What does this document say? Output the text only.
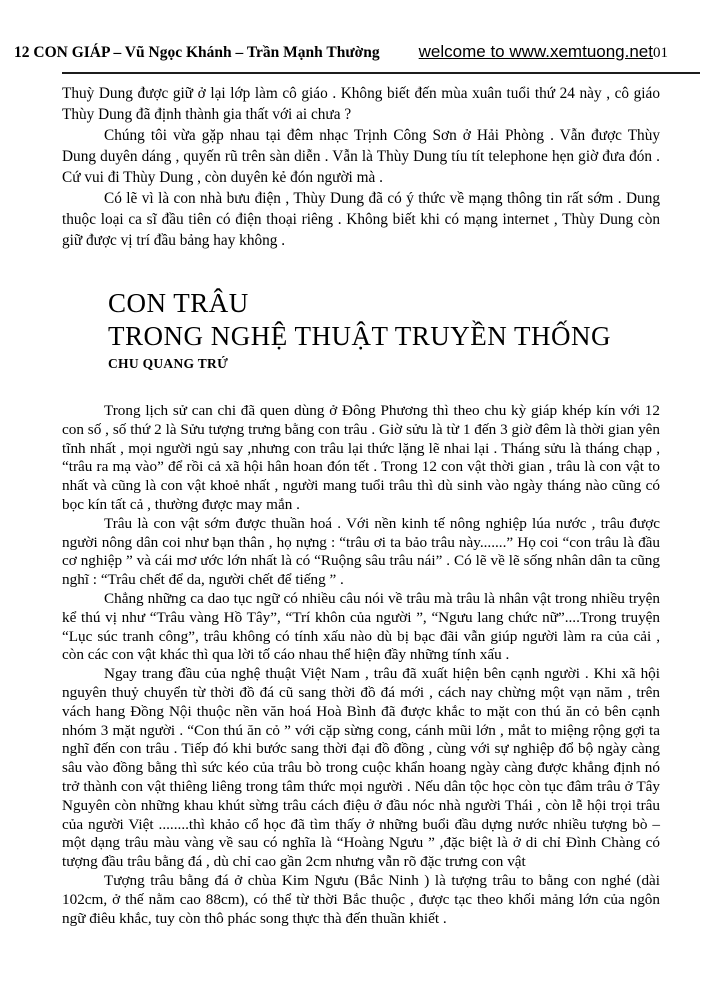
12 CON GIÁP – Vũ Ngọc Khánh – Trần Mạnh Thường welcome to www.xemtuong.net01

Thuỳ Dung được giữ ở lại lớp làm cô giáo . Không biết đến mùa xuân tuổi thứ 24 này , cô giáo Thùy Dung đã định thành gia thất với ai chưa ?

Chúng tôi vừa gặp nhau tại đêm nhạc Trịnh Công Sơn ở Hải Phòng . Vẫn được Thùy Dung duyên dáng , quyến rũ trên sàn diễn . Vẫn là Thùy Dung tíu tít telephone hẹn giờ đưa đón . Cứ vui đi Thùy Dung , còn duyên kẻ đón người mà .

Có lẽ vì là con nhà bưu điện , Thùy Dung đã có ý thức về mạng thông tin rất sớm . Dung thuộc loại ca sĩ đầu tiên có điện thoại riêng . Không biết khi có mạng internet , Thùy Dung còn giữ được vị trí đầu bảng hay không .

CON TRÂU
TRONG NGHỆ THUẬT TRUYỀN THỐNG
CHU QUANG TRỨ

Trong lịch sử can chi đã quen dùng ở Đông Phương thì theo chu kỳ giáp khép kín với 12 con số , số thứ 2 là Sửu tượng trưng bằng con trâu . Giờ sửu là từ 1 đến 3 giờ đêm là thời gian yên tĩnh nhất , mọi người ngủ say ,nhưng con trâu lại thức lặng lẽ nhai lại . Tháng sửu là tháng chạp , “trâu ra mạ vào” để rồi cả xã hội hân hoan đón tết . Trong 12 con vật thời gian , trâu là con vật to nhất và cũng là con vật khoẻ nhất , người mang tuổi trâu thì dù sinh vào ngày tháng nào cũng có bọc kín tất cả , thường được may mắn .

Trâu là con vật sớm được thuần hoá . Với nền kinh tế nông nghiệp lúa nước , trâu được người nông dân coi như bạn thân , họ nựng : “trâu ơi ta bảo trâu này.......” Họ coi “con trâu là đầu cơ nghiệp ” và cái mơ ước lớn nhất là có “Ruộng sâu trâu nái” . Có lẽ về lẽ sống nhân dân ta cũng nghĩ : “Trâu chết để da, người chết để tiếng ” .

Chẳng những ca dao tục ngữ có nhiều câu nói về trâu mà trâu là nhân vật trong nhiều tryện kể thú vị như “Trâu vàng Hồ Tây”, “Trí khôn của người ”, “Ngưu lang chức nữ”....Trong truyện “Lục súc tranh công”, trâu không có tính xấu nào dù bị bạc đãi vẫn giúp người làm ra của cải , còn các con vật khác thì qua lời tố cáo nhau thể hiện đầy những tính xấu .

Ngay trang đầu của nghệ thuật Việt Nam , trâu đã xuất hiện bên cạnh người . Khi xã hội nguyên thuỷ chuyển từ thời đồ đá cũ sang thời đồ đá mới , cách nay chừng một vạn năm , trên vách hang Đồng Nội thuộc nền văn hoá Hoà Bình đã được khắc to mặt con thú ăn cỏ bên cạnh nhóm 3 mặt người . “Con thú ăn cỏ ” với cặp sừng cong, cánh mũi lớn , mắt to miệng rộng gợi ta nghĩ đến con trâu . Tiếp đó khi bước sang thời đại đồ đồng , cùng với sự nghiệp đổ bộ ngày càng sâu vào đồng bằng thì sức kéo của trâu bò trong cuộc khẩn hoang ngày càng được khẳng định nó trở thành con vật thiêng liêng trong tâm thức mọi người . Nếu dân tộc học còn tục đâm trâu ở Tây Nguyên còn những khau khút sừng trâu cách điệu ở đầu nóc nhà người Thái , còn lễ hội trọi trâu của người Việt ........thì khảo cổ học đã tìm thấy ở những buổi đầu dựng nước nhiều tượng bò – một dạng trâu màu vàng về sau có nghĩa là “Hoàng Ngưu ” ,đặc biệt là ở di chỉ Đình Chàng có tượng đầu trâu bằng đá , dù chỉ cao gần 2cm nhưng vẫn rõ đặc trưng con vật

Tượng trâu bằng đá ở chùa Kim Ngưu (Bắc Ninh ) là tượng trâu to bằng con nghé (dài 102cm, ở thế nằm cao 88cm), có thể từ thời Bắc thuộc , được tạc theo khối mảng lớn của ngôn ngữ điêu khắc, tuy còn thô phác song thực thà đến thuần khiết .
